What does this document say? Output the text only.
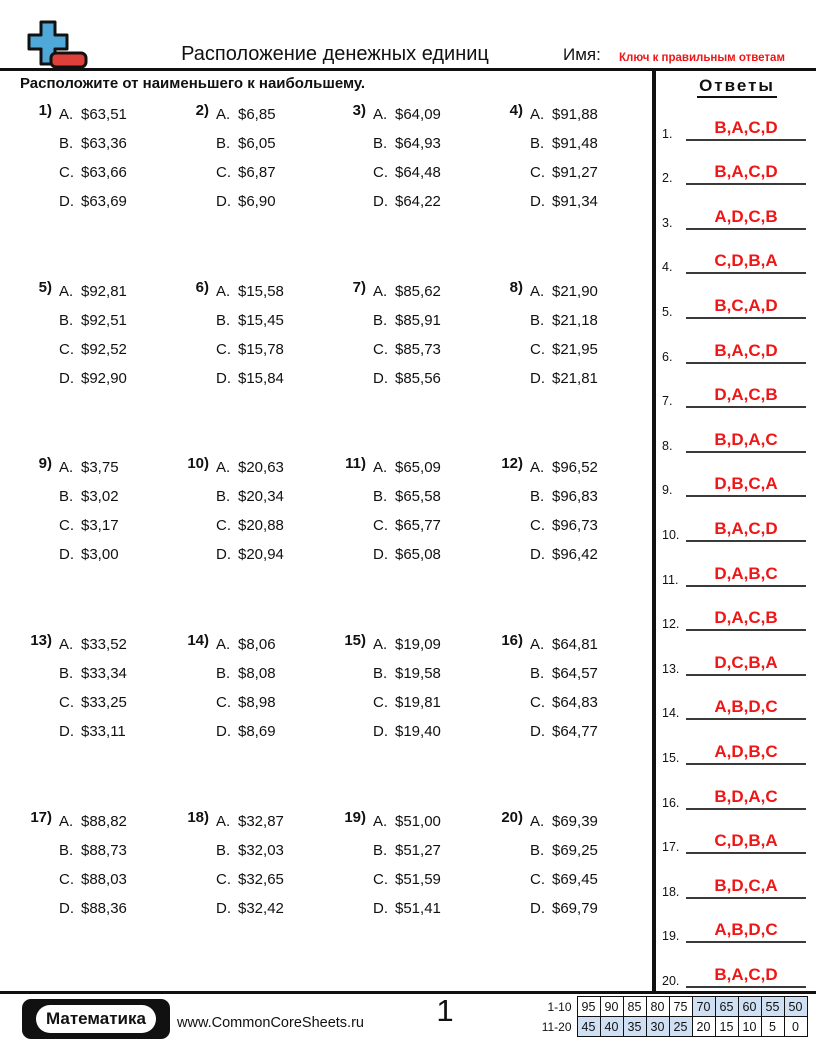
Расположение денежных единиц	Имя: Ключ к правильным ответам
Расположите от наименьшего к наибольшему.
1) A. $63,51
B. $63,36
C. $63,66
D. $63,69
2) A. $6,85
B. $6,05
C. $6,87
D. $6,90
3) A. $64,09
B. $64,93
C. $64,48
D. $64,22
4) A. $91,88
B. $91,48
C. $91,27
D. $91,34
5) A. $92,81
B. $92,51
C. $92,52
D. $92,90
6) A. $15,58
B. $15,45
C. $15,78
D. $15,84
7) A. $85,62
B. $85,91
C. $85,73
D. $85,56
8) A. $21,90
B. $21,18
C. $21,95
D. $21,81
9) A. $3,75
B. $3,02
C. $3,17
D. $3,00
10) A. $20,63
B. $20,34
C. $20,88
D. $20,94
11) A. $65,09
B. $65,58
C. $65,77
D. $65,08
12) A. $96,52
B. $96,83
C. $96,73
D. $96,42
13) A. $33,52
B. $33,34
C. $33,25
D. $33,11
14) A. $8,06
B. $8,08
C. $8,98
D. $8,69
15) A. $19,09
B. $19,58
C. $19,81
D. $19,40
16) A. $64,81
B. $64,57
C. $64,83
D. $64,77
17) A. $88,82
B. $88,73
C. $88,03
D. $88,36
18) A. $32,87
B. $32,03
C. $32,65
D. $32,42
19) A. $51,00
B. $51,27
C. $51,59
D. $51,41
20) A. $69,39
B. $69,25
C. $69,45
D. $69,79
Ответы
1.	B,A,C,D
2.	B,A,C,D
3.	A,D,C,B
4.	C,D,B,A
5.	B,C,A,D
6.	B,A,C,D
7.	D,A,C,B
8.	B,D,A,C
9.	D,B,C,A
10.	B,A,C,D
11.	D,A,B,C
12.	D,A,C,B
13.	D,C,B,A
14.	A,B,D,C
15.	A,D,B,C
16.	B,D,A,C
17.	C,D,B,A
18.	B,D,C,A
19.	A,B,D,C
20.	B,A,C,D
Математика	www.CommonCoreSheets.ru	1	1-10	95	90	85	80	75	70	65	60	55	50
11-20	45	40	35	30	25	20	15	10	5	0
